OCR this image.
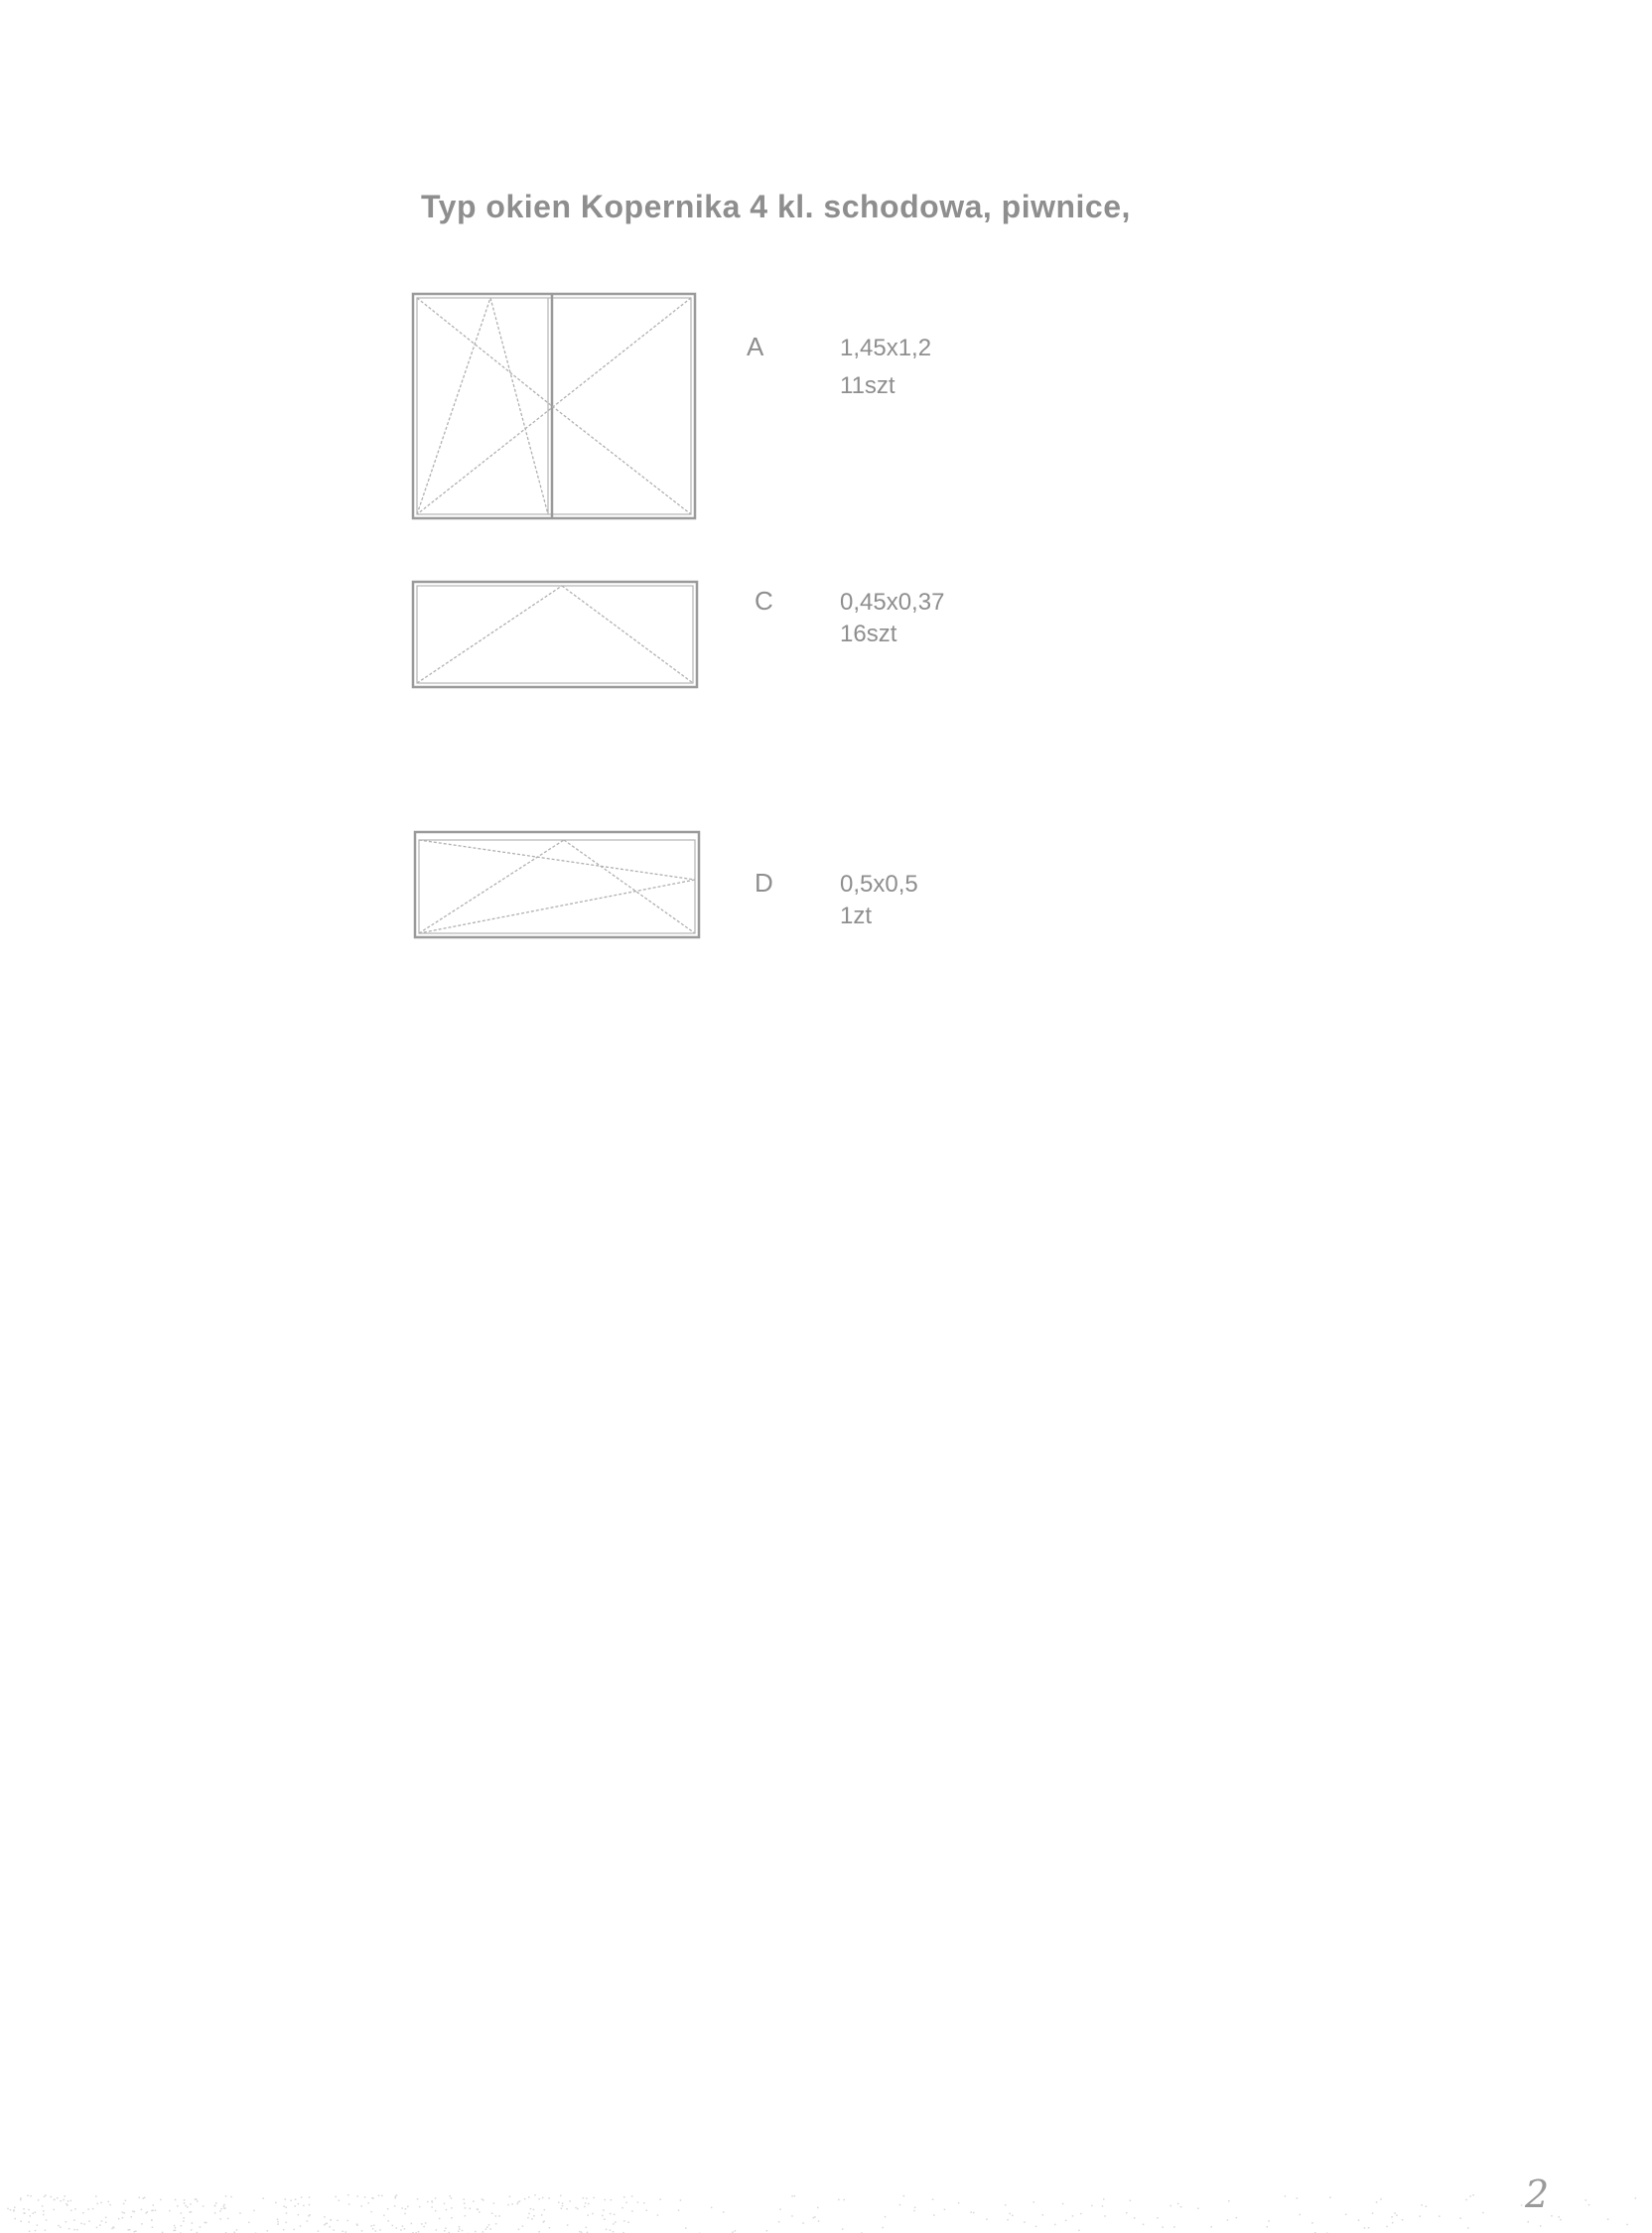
Typ okien Kopernika 4 kl. schodowa, piwnice,
A	1,45x1,2
11szt
C	0,45x0,37
16szt
D	0,5x0,5
1zt
2
